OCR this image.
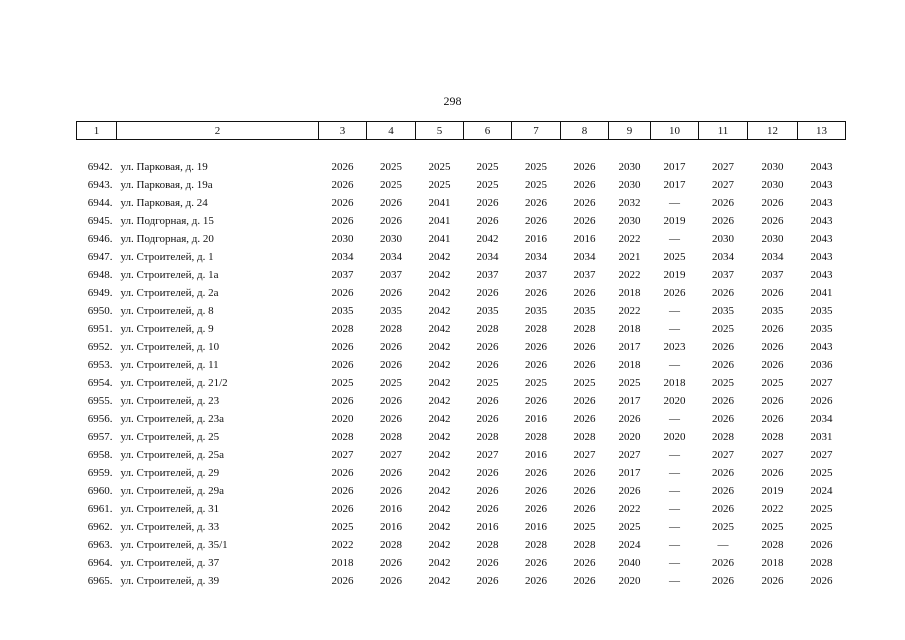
298
1	2	3	4	5	6	7	8	9	10	11	12	13

6942.	ул. Парковая, д. 19	2026	2025	2025	2025	2025	2026	2030	2017	2027	2030	2043
6943.	ул. Парковая, д. 19а	2026	2025	2025	2025	2025	2026	2030	2017	2027	2030	2043
6944.	ул. Парковая, д. 24	2026	2026	2041	2026	2026	2026	2032	—	2026	2026	2043
6945.	ул. Подгорная, д. 15	2026	2026	2041	2026	2026	2026	2030	2019	2026	2026	2043
6946.	ул. Подгорная, д. 20	2030	2030	2041	2042	2016	2016	2022	—	2030	2030	2043
6947.	ул. Строителей, д. 1	2034	2034	2042	2034	2034	2034	2021	2025	2034	2034	2043
6948.	ул. Строителей, д. 1а	2037	2037	2042	2037	2037	2037	2022	2019	2037	2037	2043
6949.	ул. Строителей, д. 2а	2026	2026	2042	2026	2026	2026	2018	2026	2026	2026	2041
6950.	ул. Строителей, д. 8	2035	2035	2042	2035	2035	2035	2022	—	2035	2035	2035
6951.	ул. Строителей, д. 9	2028	2028	2042	2028	2028	2028	2018	—	2025	2026	2035
6952.	ул. Строителей, д. 10	2026	2026	2042	2026	2026	2026	2017	2023	2026	2026	2043
6953.	ул. Строителей, д. 11	2026	2026	2042	2026	2026	2026	2018	—	2026	2026	2036
6954.	ул. Строителей, д. 21/2	2025	2025	2042	2025	2025	2025	2025	2018	2025	2025	2027
6955.	ул. Строителей, д. 23	2026	2026	2042	2026	2026	2026	2017	2020	2026	2026	2026
6956.	ул. Строителей, д. 23а	2020	2026	2042	2026	2016	2026	2026	—	2026	2026	2034
6957.	ул. Строителей, д. 25	2028	2028	2042	2028	2028	2028	2020	2020	2028	2028	2031
6958.	ул. Строителей, д. 25а	2027	2027	2042	2027	2016	2027	2027	—	2027	2027	2027
6959.	ул. Строителей, д. 29	2026	2026	2042	2026	2026	2026	2017	—	2026	2026	2025
6960.	ул. Строителей, д. 29а	2026	2026	2042	2026	2026	2026	2026	—	2026	2019	2024
6961.	ул. Строителей, д. 31	2026	2016	2042	2026	2026	2026	2022	—	2026	2022	2025
6962.	ул. Строителей, д. 33	2025	2016	2042	2016	2016	2025	2025	—	2025	2025	2025
6963.	ул. Строителей, д. 35/1	2022	2028	2042	2028	2028	2028	2024	—	—	2028	2026
6964.	ул. Строителей, д. 37	2018	2026	2042	2026	2026	2026	2040	—	2026	2018	2028
6965.	ул. Строителей, д. 39	2026	2026	2042	2026	2026	2026	2020	—	2026	2026	2026
